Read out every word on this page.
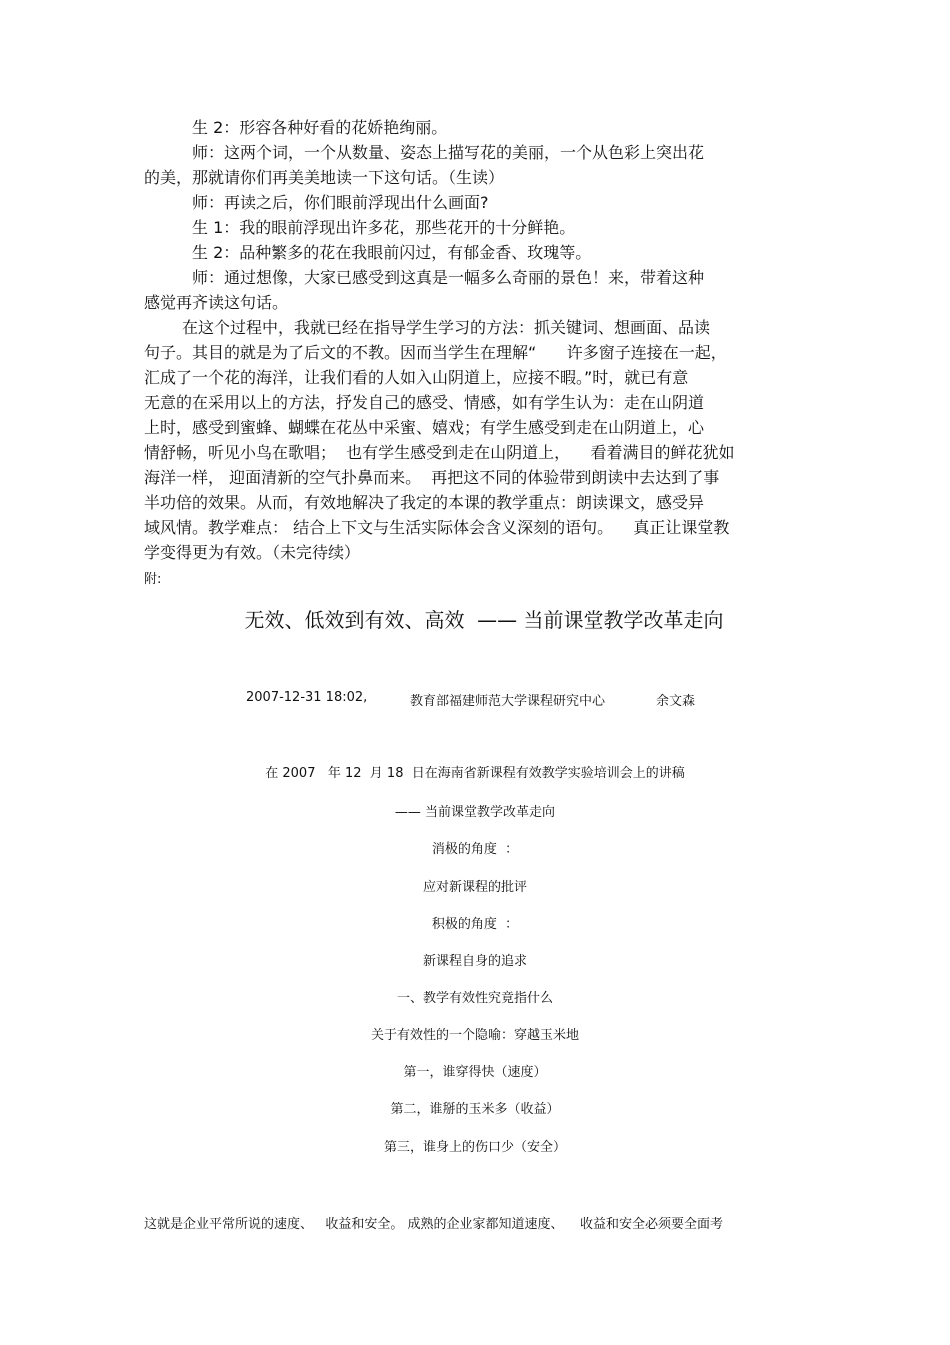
生 2：形容各种好看的花娇艳绚丽。
师：这两个词，一个从数量、姿态上描写花的美丽，一个从色彩上突出花
的美，那就请你们再美美地读一下这句话。（生读）
师：再读之后，你们眼前浮现出什么画面?
生 1：我的眼前浮现出许多花，那些花开的十分鲜艳。
生 2：品种繁多的花在我眼前闪过，有郁金香、玫瑰等。
师：通过想像，大家已感受到这真是一幅多么奇丽的景色！来，带着这种
感觉再齐读这句话。
在这个过程中，我就已经在指导学生学习的方法：抓关键词、想画面、品读
句子。其目的就是为了后文的不教。因而当学生在理解“      许多窗子连接在一起，
汇成了一个花的海洋，让我们看的人如入山阴道上，应接不暇。”时，就已有意
无意的在采用以上的方法，抒发自己的感受、情感，如有学生认为：走在山阴道
上时，感受到蜜蜂、蝴蝶在花丛中采蜜、嬉戏；有学生感受到走在山阴道上，心
情舒畅，听见小鸟在歌唱；  也有学生感受到走在山阴道上，    看着满目的鲜花犹如
海洋一样， 迎面清新的空气扑鼻而来。  再把这不同的体验带到朗读中去达到了事
半功倍的效果。从而，有效地解决了我定的本课的教学重点：朗读课文，感受异
域风情。教学难点： 结合上下文与生活实际体会含义深刻的语句。    真正让课堂教
学变得更为有效。（未完待续）
附:
无效、低效到有效、高效  —— 当前课堂教学改革走向
2007-12-31 18:02,	教育部福建师范大学课程研究中心	余文森
在 2007   年 12  月 18  日在海南省新课程有效教学实验培训会上的讲稿
—— 当前课堂教学改革走向
消极的角度  ：
应对新课程的批评
积极的角度  ：
新课程自身的追求
一、教学有效性究竟指什么
关于有效性的一个隐喻：穿越玉米地
第一，谁穿得快（速度）
第二，谁掰的玉米多（收益）
第三，谁身上的伤口少（安全）
这就是企业平常所说的速度、   收益和安全。 成熟的企业家都知道速度、    收益和安全必须要全面考
